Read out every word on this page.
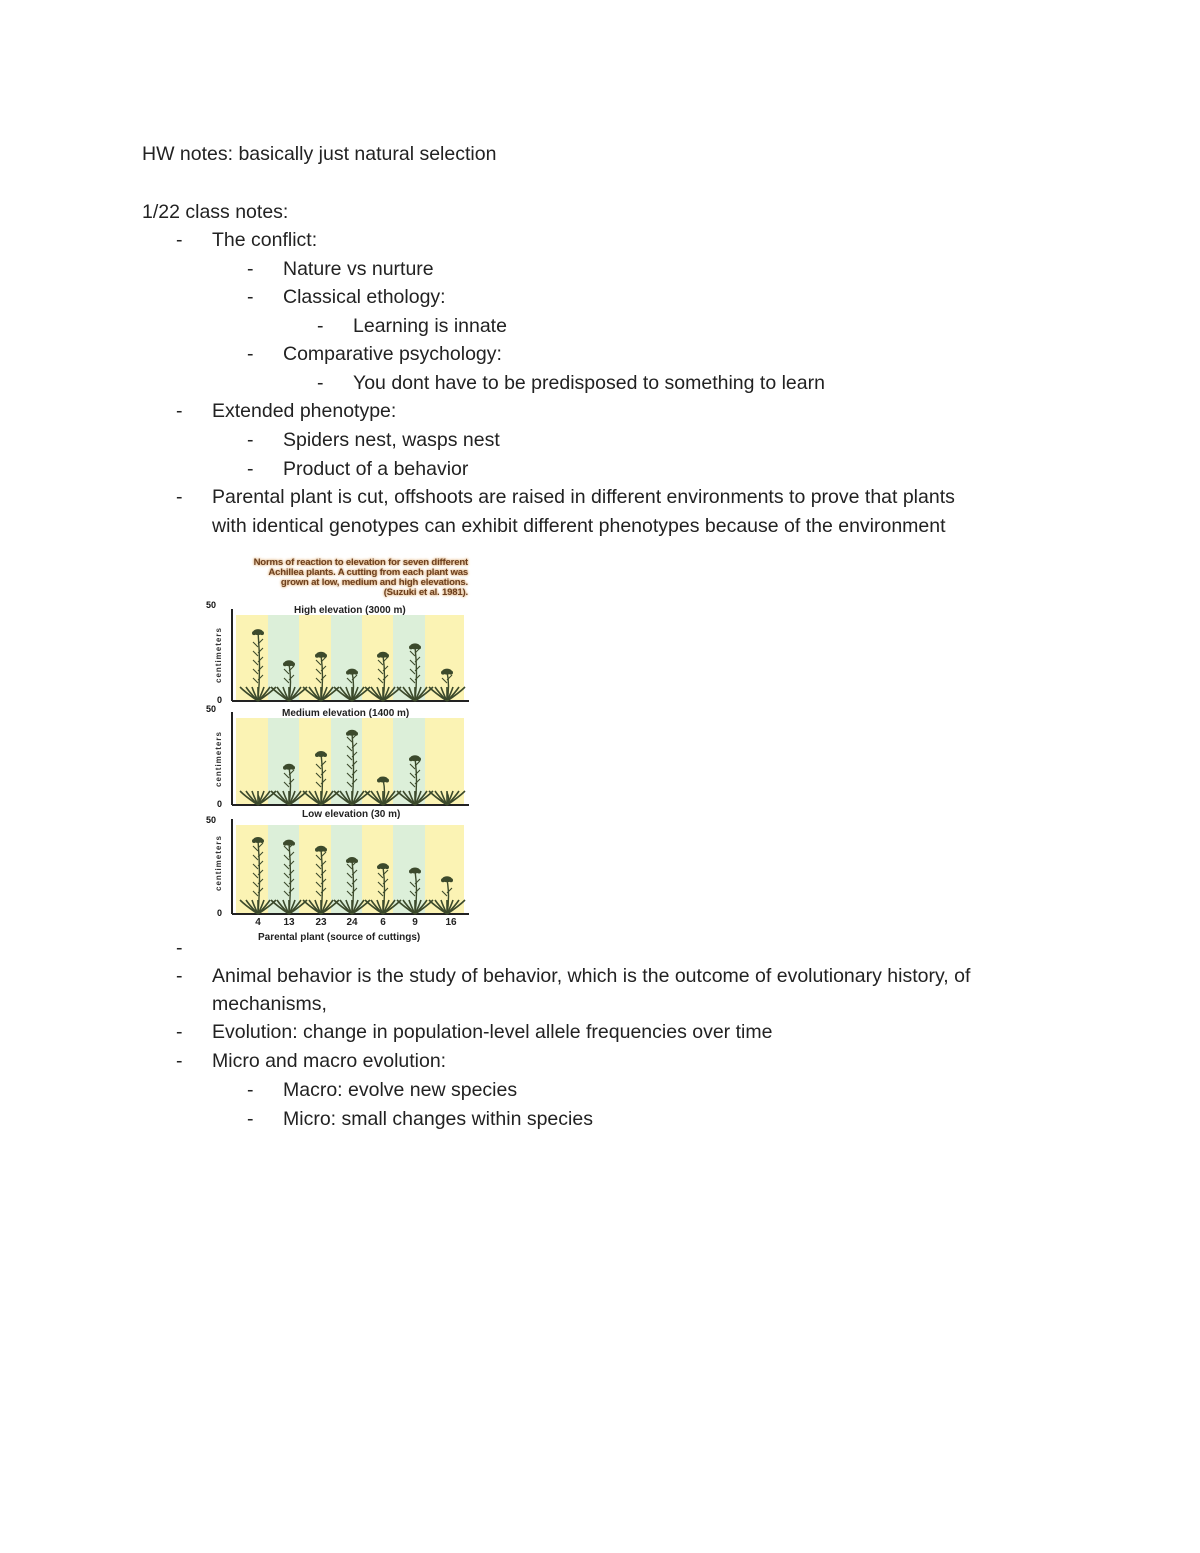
HW notes: basically just natural selection
1/22 class notes:
- The conflict:
- Nature vs nurture
- Classical ethology:
- Learning is innate
- Comparative psychology:
- You dont have to be predisposed to something to learn
- Extended phenotype:
- Spiders nest, wasps nest
- Product of a behavior
- Parental plant is cut, offshoots are raised in different environments to prove that plants
with identical genotypes can exhibit different phenotypes because of the environment
Norms of reaction to elevation for seven different
Achillea plants. A cutting from each plant was
grown at low, medium and high elevations.
(Suzuki et al. 1981).
High elevation (3000 m)
Medium elevation (1400 m)
Low elevation (30 m)
50
0
50
0
50
0
centimeters
centimeters
centimeters
4	13	23	24	6	9	16
Parental plant (source of cuttings)
-
- Animal behavior is the study of behavior, which is the outcome of evolutionary history, of
mechanisms,
- Evolution: change in population-level allele frequencies over time
- Micro and macro evolution:
- Macro: evolve new species
- Micro: small changes within species
